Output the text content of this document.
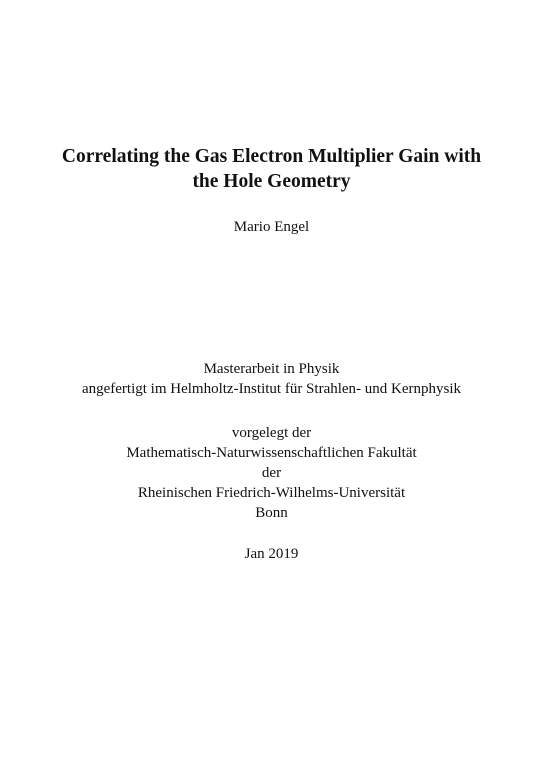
Correlating the Gas Electron Multiplier Gain with
the Hole Geometry

Mario Engel

Masterarbeit in Physik
angefertigt im Helmholtz-Institut für Strahlen- und Kernphysik
vorgelegt der
Mathematisch-Naturwissenschaftlichen Fakultät
der
Rheinischen Friedrich-Wilhelms-Universität
Bonn

Jan 2019
